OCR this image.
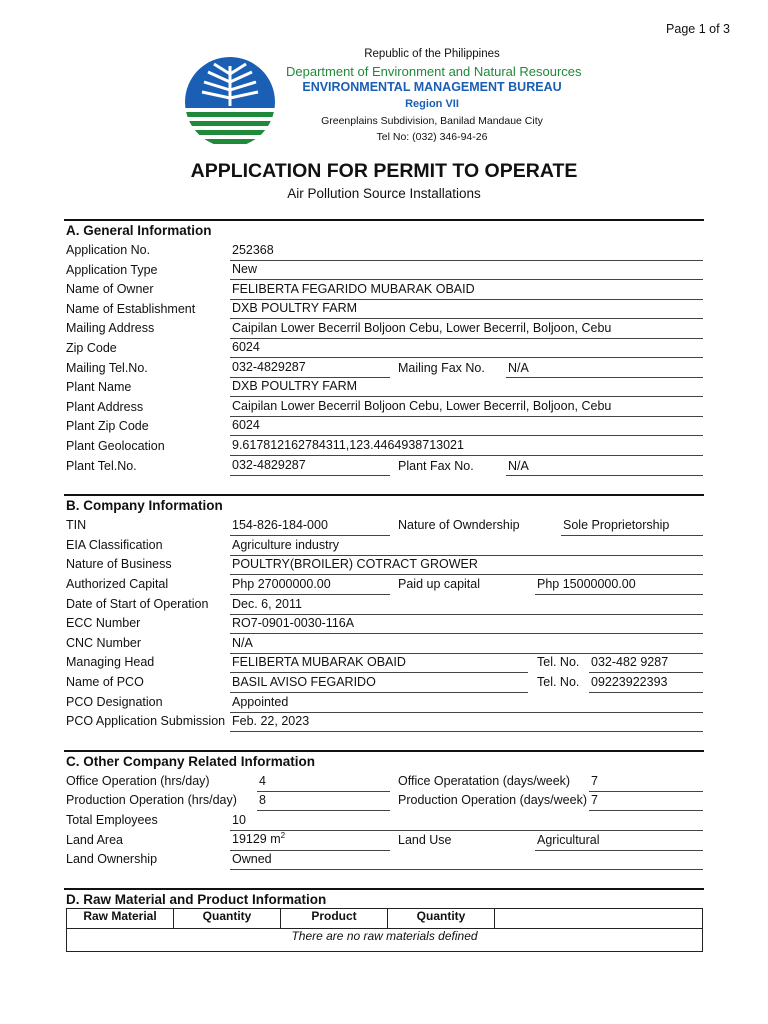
Page 1 of 3
Republic of the Philippines
Department of Environment and Natural Resources
ENVIRONMENTAL MANAGEMENT BUREAU
Region VII
Greenplains Subdivision, Banilad Mandaue City
Tel No: (032) 346-94-26
APPLICATION FOR PERMIT TO OPERATE
Air Pollution Source Installations
A. General Information
Application No.	252368
Application Type	New
Name of Owner	FELIBERTA FEGARIDO MUBARAK OBAID
Name of Establishment	DXB POULTRY FARM
Mailing Address	Caipilan Lower Becerril Boljoon Cebu, Lower Becerril, Boljoon, Cebu
Zip Code	6024
Mailing Tel.No.	032-4829287	Mailing Fax No. N/A
Plant Name	DXB POULTRY FARM
Plant Address	Caipilan Lower Becerril Boljoon Cebu, Lower Becerril, Boljoon, Cebu
Plant Zip Code	6024
Plant Geolocation	9.617812162784311,123.4464938713021
Plant Tel.No.	032-4829287	Plant Fax No.	N/A
B. Company Information
TIN	154-826-184-000	Nature of Owndership	Sole Proprietorship
EIA Classification	Agriculture industry
Nature of Business	POULTRY(BROILER) COTRACT GROWER
Authorized Capital	Php 27000000.00	Paid up capital	Php 15000000.00
Date of Start of Operation Dec. 6, 2011
ECC Number	RO7-0901-0030-116A
CNC Number	N/A
Managing Head	FELIBERTA MUBARAK OBAID	Tel. No. 032-482 9287
Name of PCO	BASIL AVISO FEGARIDO	Tel. No. 09223922393
PCO Designation	Appointed
PCO Application Submission Feb. 22, 2023
C. Other Company Related Information
Office Operation (hrs/day)	4	Office Operatation (days/week) 7
Production Operation (hrs/day) 8	Production Operation (days/week) 7
Total Employees	10
Land Area	19129 $m^2$	Land Use	Agricultural
Land Ownership	Owned
D. Raw Material and Product Information
Raw Material	Quantity	Product	Quantity	
There are no raw materials defined
